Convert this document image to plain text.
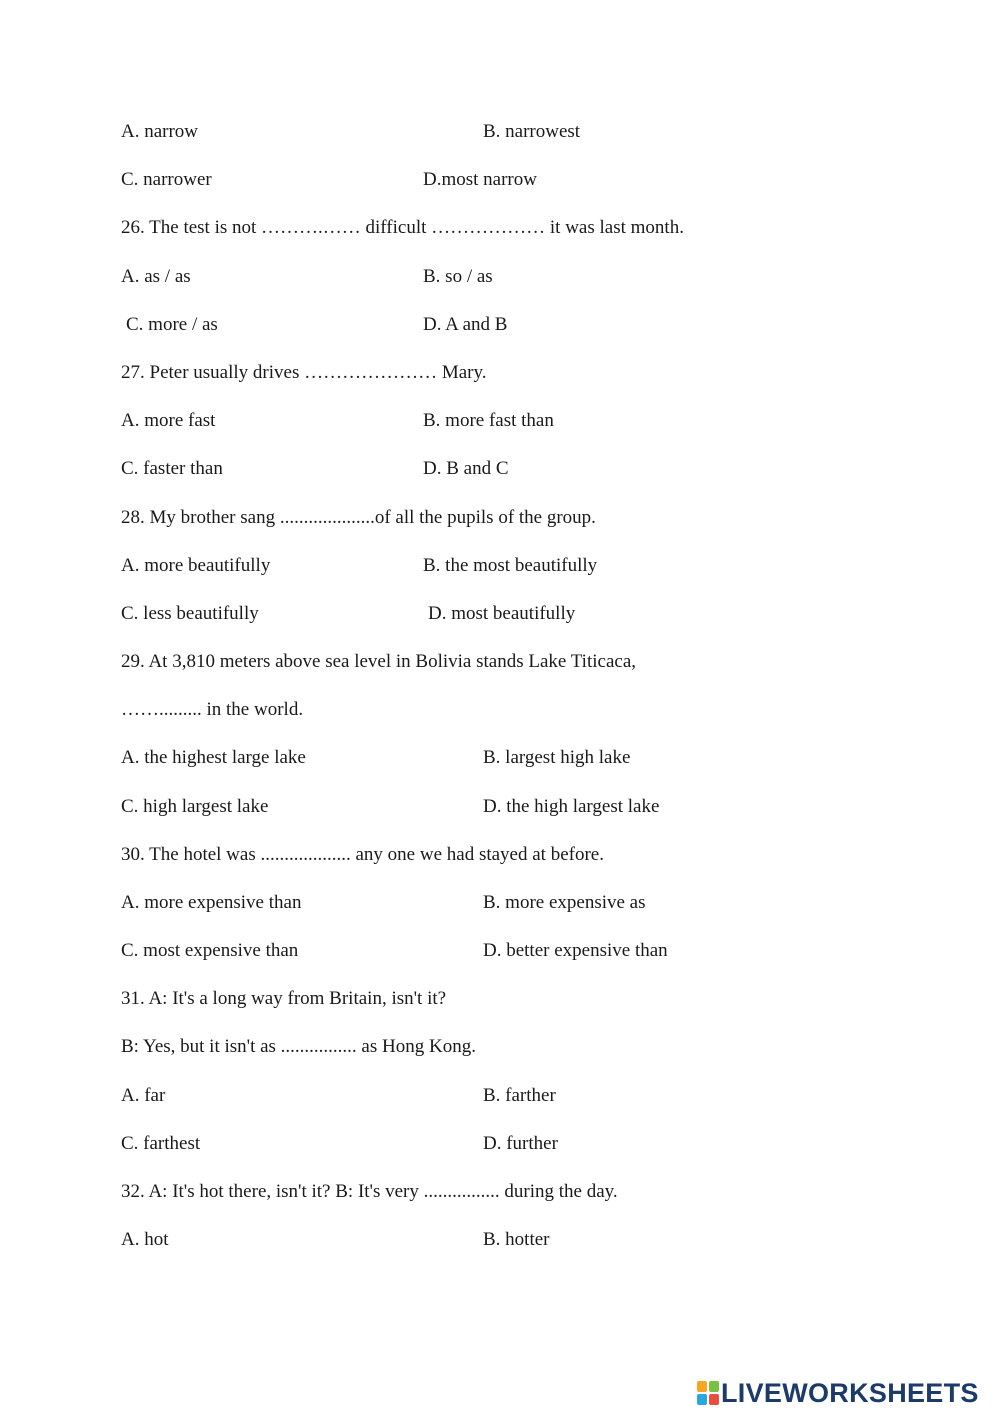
A. narrow	B. narrowest
C. narrower	D.most narrow
26. The test is not ……….…… difficult ……………… it was last month.
A. as / as	B. so / as
C. more / as	D. A and B
27. Peter usually drives ………………… Mary.
A. more fast	B. more fast than
C. faster than	D. B and C
28. My brother sang ....................of all the pupils of the group.
A. more beautifully	B. the most beautifully
C. less beautifully	D. most beautifully
29. At 3,810 meters above sea level in Bolivia stands Lake Titicaca,
……......... in the world.
A. the highest large lake	B. largest high lake
C. high largest lake	D. the high largest lake
30. The hotel was ................... any one we had stayed at before.
A. more expensive than	B. more expensive as
C. most expensive than	D. better expensive than
31. A: It's a long way from Britain, isn't it?
B: Yes, but it isn't as ................ as Hong Kong.
A. far	B. farther
C. farthest	D. further
32. A: It's hot there, isn't it? B: It's very ................ during the day.
A. hot	B. hotter
LIVEWORKSHEETS
